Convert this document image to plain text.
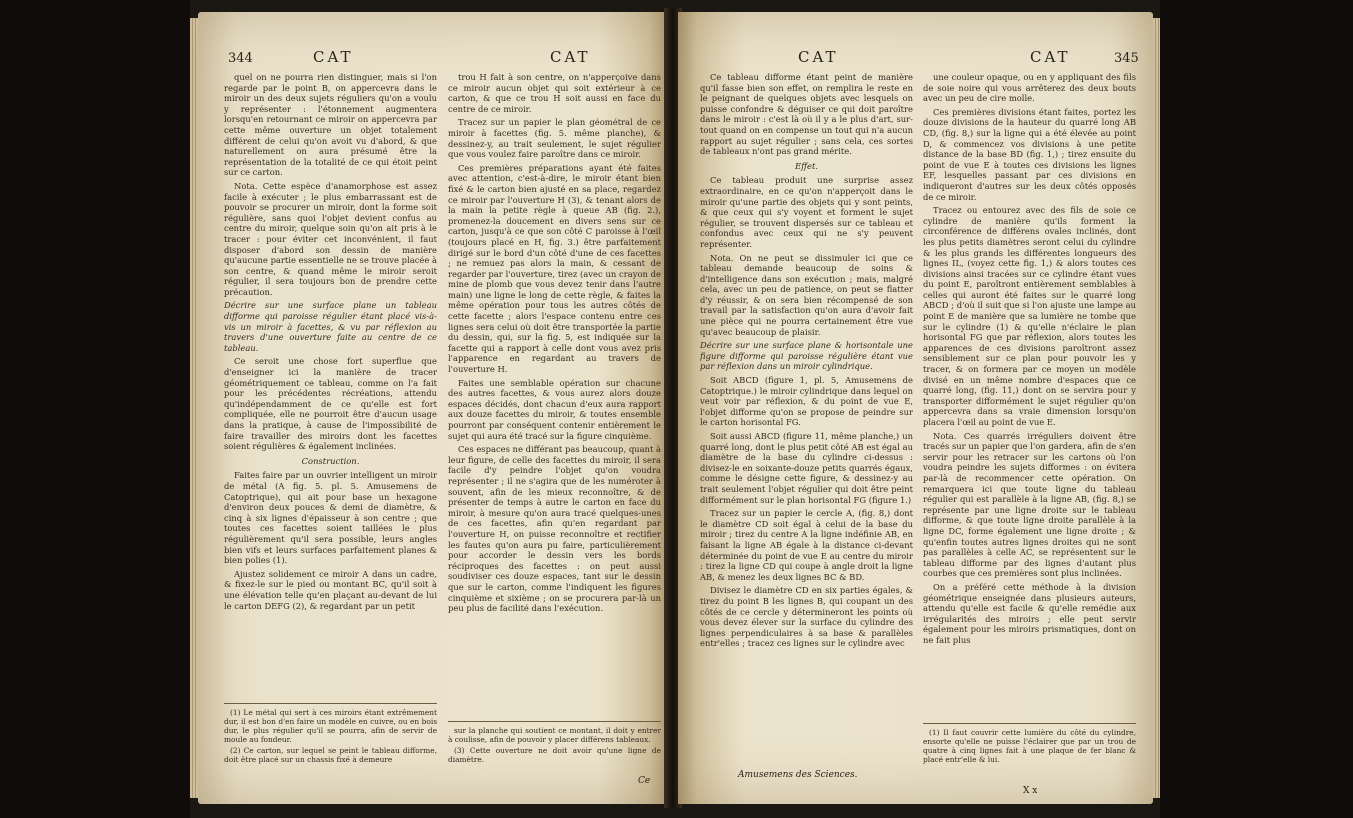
344	CAT	CAT

quel on ne pourra rien distinguer, mais si l'on regarde par le point B, on appercevra dans le miroir un des deux sujets réguliers qu'on a voulu y représenter : l'étonnement augmentera lorsqu'en retournant ce miroir on appercevra par cette même ouverture un objet totalement différent de celui qu'on avoit vu d'abord, & que naturellement on aura présumé être la représentation de la totalité de ce qui étoit peint sur ce carton.

Nota. Cette espèce d'anamorphose est assez facile à exécuter ; le plus embarrassant est de pouvoir se procurer un miroir, dont la forme soit régulière, sans quoi l'objet devient confus au centre du miroir, quelque soin qu'on ait pris à le tracer : pour éviter cet inconvénient, il faut disposer d'abord son dessin de manière qu'aucune partie essentielle ne se trouve placée à son centre, & quand même le miroir seroit régulier, il sera toujours bon de prendre cette précaution.

Décrire sur une surface plane un tableau difforme qui paroisse régulier étant placé vis-à-vis un miroir à facettes, & vu par réflexion au travers d'une ouverture faite au centre de ce tableau.

Ce seroit une chose fort superflue que d'enseigner ici la manière de tracer géométriquement ce tableau, comme on l'a fait pour les précédentes récréations, attendu qu'indépendamment de ce qu'elle est fort compliquée, elle ne pourroit être d'aucun usage dans la pratique, à cause de l'impossibilité de faire travailler des miroirs dont les facettes soient régulières & également inclinées.

Construction.

Faites faire par un ouvrier intelligent un miroir de métal (A fig. 5. pl. 5. Amusemens de Catoptrique), qui ait pour base un hexagone d'environ deux pouces & demi de diamètre, & cinq à six lignes d'épaisseur à son centre ; que toutes ces facettes soient taillées le plus régulièrement qu'il sera possible, leurs angles bien vifs et leurs surfaces parfaitement planes & bien polies (1).

Ajustez solidement ce miroir A dans un cadre, & fixez-le sur le pied ou montant BC, qu'il soit à une élévation telle qu'en plaçant au-devant de lui le carton DEFG (2), & regardant par un petit

(1) Le métal qui sert à ces miroirs étant extrêmement dur, il est bon d'en faire un modèle en cuivre, ou en bois dur, le plus régulier qu'il se pourra, afin de servir de moule au fondeur.

(2) Ce carton, sur lequel se peint le tableau difforme, doit être placé sur un chassis fixé à demeure

trou H fait à son centre, on n'apperçoive dans ce miroir aucun objet qui soit extérieur à ce carton, & que ce trou H soit aussi en face du centre de ce miroir.

Tracez sur un papier le plan géométral de ce miroir à facettes (fig. 5. même planche), & dessinez-y, au trait seulement, le sujet régulier que vous voulez faire paroître dans ce miroir.

Ces premières préparations ayant été faites avec attention, c'est-à-dire, le miroir étant bien fixé & le carton bien ajusté en sa place, regardez ce miroir par l'ouverture H (3), & tenant alors de la main la petite règle à queue AB (fig. 2.), promenez-la doucement en divers sens sur ce carton, jusqu'à ce que son côté C paroisse à l'œil (toujours placé en H, fig. 3.) être parfaitement dirigé sur le bord d'un côté d'une de ces facettes ; ne remuez pas alors la main, & cessant de regarder par l'ouverture, tirez (avec un crayon de mine de plomb que vous devez tenir dans l'autre main) une ligne le long de cette règle, & faites la même opération pour tous les autres côtés de cette facette ; alors l'espace contenu entre ces lignes sera celui où doit être transportée la partie du dessin, qui, sur la fig. 5, est indiquée sur la facette qui a rapport à celle dont vous avez pris l'apparence en regardant au travers de l'ouverture H.

Faites une semblable opération sur chacune des autres facettes, & vous aurez alors douze espaces décidés, dont chacun d'eux aura rapport aux douze facettes du miroir, & toutes ensemble pourront par conséquent contenir entièrement le sujet qui aura été tracé sur la figure cinquième.

Ces espaces ne différant pas beaucoup, quant à leur figure, de celle des facettes du miroir, il sera facile d'y peindre l'objet qu'on voudra représenter ; il ne s'agira que de les numéroter à souvent, afin de les mieux reconnoître, & de présenter de temps à autre le carton en face du miroir, à mesure qu'on aura tracé quelques-unes de ces facettes, afin qu'en regardant par l'ouverture H, on puisse reconnoître et rectifier les fautes qu'on aura pu faire, particulièrement pour accorder le dessin vers les bords réciproques des facettes : on peut aussi soudiviser ces douze espaces, tant sur le dessin que sur le carton, comme l'indiquent les figures cinquième et sixième ; on se procurera par-là un peu plus de facilité dans l'exécution.

sur la planche qui soutient ce montant, il doit y entrer à coulisse, afin de pouvoir y placer différens tableaux.

(3) Cette ouverture ne doit avoir qu'une ligne de diamètre.

Ce
CAT	CAT	345

Ce tableau difforme étant peint de manière qu'il fasse bien son effet, on remplira le reste en le peignant de quelques objets avec lesquels on puisse confondre & déguiser ce qui doit paroître dans le miroir : c'est là où il y a le plus d'art, sur-tout quand on en compense un tout qui n'a aucun rapport au sujet régulier ; sans cela, ces sortes de tableaux n'ont pas grand mérite.

Effet.

Ce tableau produit une surprise assez extraordinaire, en ce qu'on n'apperçoit dans le miroir qu'une partie des objets qui y sont peints, & que ceux qui s'y voyent et forment le sujet régulier, se trouvent dispersés sur ce tableau et confondus avec ceux qui ne s'y peuvent représenter.

Nota. On ne peut se dissimuler ici que ce tableau demande beaucoup de soins & d'intelligence dans son exécution ; mais, malgré cela, avec un peu de patience, on peut se flatter d'y réussir, & on sera bien récompensé de son travail par la satisfaction qu'on aura d'avoir fait une pièce qui ne pourra certainement être vue qu'avec beaucoup de plaisir.

Décrire sur une surface plane & horisontale une figure difforme qui paroisse régulière étant vue par réflexion dans un miroir cylindrique.

Soit ABCD (figure 1, pl. 5, Amusemens de Catoptrique.) le miroir cylindrique dans lequel on veut voir par réflexion, & du point de vue E, l'objet difforme qu'on se propose de peindre sur le carton horisontal FG.

Soit aussi ABCD (figure 11, même planche,) un quarré long, dont le plus petit côté AB est égal au diamètre de la base du cylindre ci-dessus : divisez-le en soixante-douze petits quarrés égaux, comme le désigne cette figure, & dessinez-y au trait seulement l'objet régulier qui doit être peint difformément sur le plan horisontal FG (figure 1.)

Tracez sur un papier le cercle A, (fig. 8,) dont le diamètre CD soit égal à celui de la base du miroir ; tirez du centre A la ligne indéfinie AB, en faisant la ligne AB égale à la distance ci-devant déterminée du point de vue E au centre du miroir : tirez la ligne CD qui coupe à angle droit la ligne AB, & menez les deux lignes BC & BD.

Divisez le diamètre CD en six parties égales, & tirez du point B les lignes B, qui coupant un des côtés de ce cercle y détermineront les points où vous devez élever sur la surface du cylindre des lignes perpendiculaires à sa base & parallèles entr'elles ; tracez ces lignes sur le cylindre avec

une couleur opaque, ou en y appliquant des fils de soie noire qui vous arrêterez des deux bouts avec un peu de cire molle.

Ces premières divisions étant faites, portez les douze divisions de la hauteur du quarré long AB CD, (fig. 8,) sur la ligne qui a été élevée au point D, & commencez vos divisions à une petite distance de la base BD (fig. 1,) ; tirez ensuite du point de vue E à toutes ces divisions les lignes EF, lesquelles passant par ces divisions en indiqueront d'autres sur les deux côtés opposés de ce miroir.

Tracez ou entourez avec des fils de soie ce cylindre de manière qu'ils forment la circonférence de différens ovales inclinés, dont les plus petits diamètres seront celui du cylindre & les plus grands les différentes longueurs des lignes IL, (voyez cette fig. 1,) & alors toutes ces divisions ainsi tracées sur ce cylindre étant vues du point E, paroîtront entièrement semblables à celles qui auront été faites sur le quarré long ABCD ; d'où il suit que si l'on ajuste une lampe au point E de manière que sa lumière ne tombe que sur le cylindre (1) & qu'elle n'éclaire le plan horisontal FG que par réflexion, alors toutes les apparences de ces divisions paroîtront assez sensiblement sur ce plan pour pouvoir les y tracer, & on formera par ce moyen un modèle divisé en un même nombre d'espaces que ce quarré long, (fig. 11,) dont on se servira pour y transporter difformément le sujet régulier qu'on appercevra dans sa vraie dimension lorsqu'on placera l'œil au point de vue E.

Nota. Ces quarrés irréguliers doivent être tracés sur un papier que l'on gardera, afin de s'en servir pour les retracer sur les cartons où l'on voudra peindre les sujets difformes : on évitera par-là de recommencer cette opération. On remarquera ici que toute ligne du tableau régulier qui est parallèle à la ligne AB, (fig. 8,) se représente par une ligne droite sur le tableau difforme, & que toute ligne droite parallèle à la ligne DC, forme également une ligne droite ; & qu'enfin toutes autres lignes droites qui ne sont pas parallèles à celle AC, se représentent sur le tableau difforme par des lignes d'autant plus courbes que ces premières sont plus inclinées.

On a préféré cette méthode à la division géométrique enseignée dans plusieurs auteurs, attendu qu'elle est facile & qu'elle remédie aux irrégularités des miroirs ; elle peut servir également pour les miroirs prismatiques, dont on ne fait plus

(1) Il faut couvrir cette lumière du côté du cylindre, ensorte qu'elle ne puisse l'éclairer que par un trou de quatre à cinq lignes fait à une plaque de fer blanc & placé entr'elle & lui.

X x
Amusemens des Sciences.
